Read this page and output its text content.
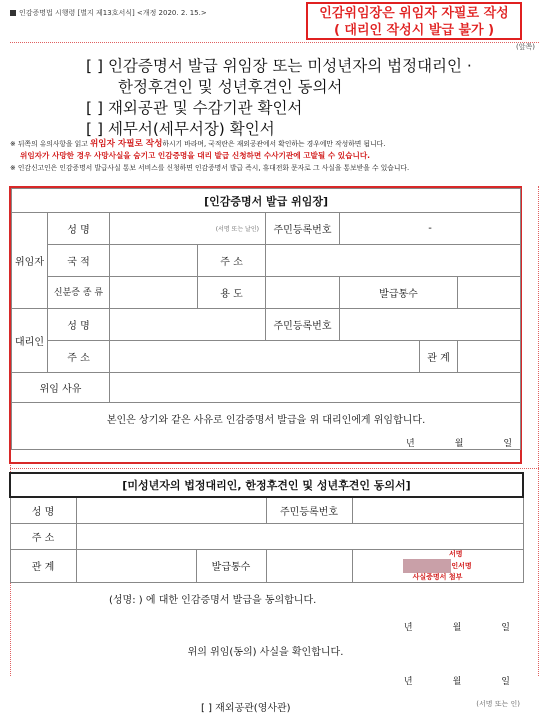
인감증명법 시행령 [별지 제13호서식] <개정 2020. 2. 15.>	인감위임장은 위임자 자필로 작성
( 대리인 작성시 발급 불가 )
(앞쪽)
[ ] 인감증명서 발급 위임장 또는 미성년자의 법정대리인 ·
한정후견인 및 성년후견인 동의서
[ ] 재외공관 및 수감기관 확인서
[ ] 세무서(세무서장) 확인서
※ 뒤쪽의 유의사항을 읽고 위임자 자필로 작성하시기 바라며, 국적란은 재외공관에서 확인하는 경우에만 작성하면 됩니다.
위임자가 사망한 경우 사망사실을 숨기고 인감증명을 대리 발급 신청하면 수사기관에 고발될 수 있습니다.
※ 인감신고인은 인감증명서 발급사실 통보 서비스를 신청하면 인감증명서 발급 즉시, 휴대전화 문자로 그 사실을 통보받을 수 있습니다.
[인감증명서 발급 위임장]							
위임자	성 명	(서명 또는 날인)		주민등록번호	-		
	국 적		주 소				
	신분증 종 류		용 도		발급통수		
대리인	성 명			주민등록번호			
	주 소					관 계	
위임 사유							

본인은 상기와 같은 사유로 인감증명서 발급을 위 대리인에게 위임합니다.
년 월 일							
[미성년자의 법정대리인, 한정후견인 및 성년후견인 동의서]				
성 명			주민등록번호	
주 소				
관 계		발급통수		서명
인서명
사실증명서 첨부
(성명: ) 에 대한 인감증명서 발급을 동의합니다.
년	월	일
위의 위임(동의) 사실을 확인합니다.
년	월	일
[ ] 재외공관(영사관)	(서명 또는 인)
